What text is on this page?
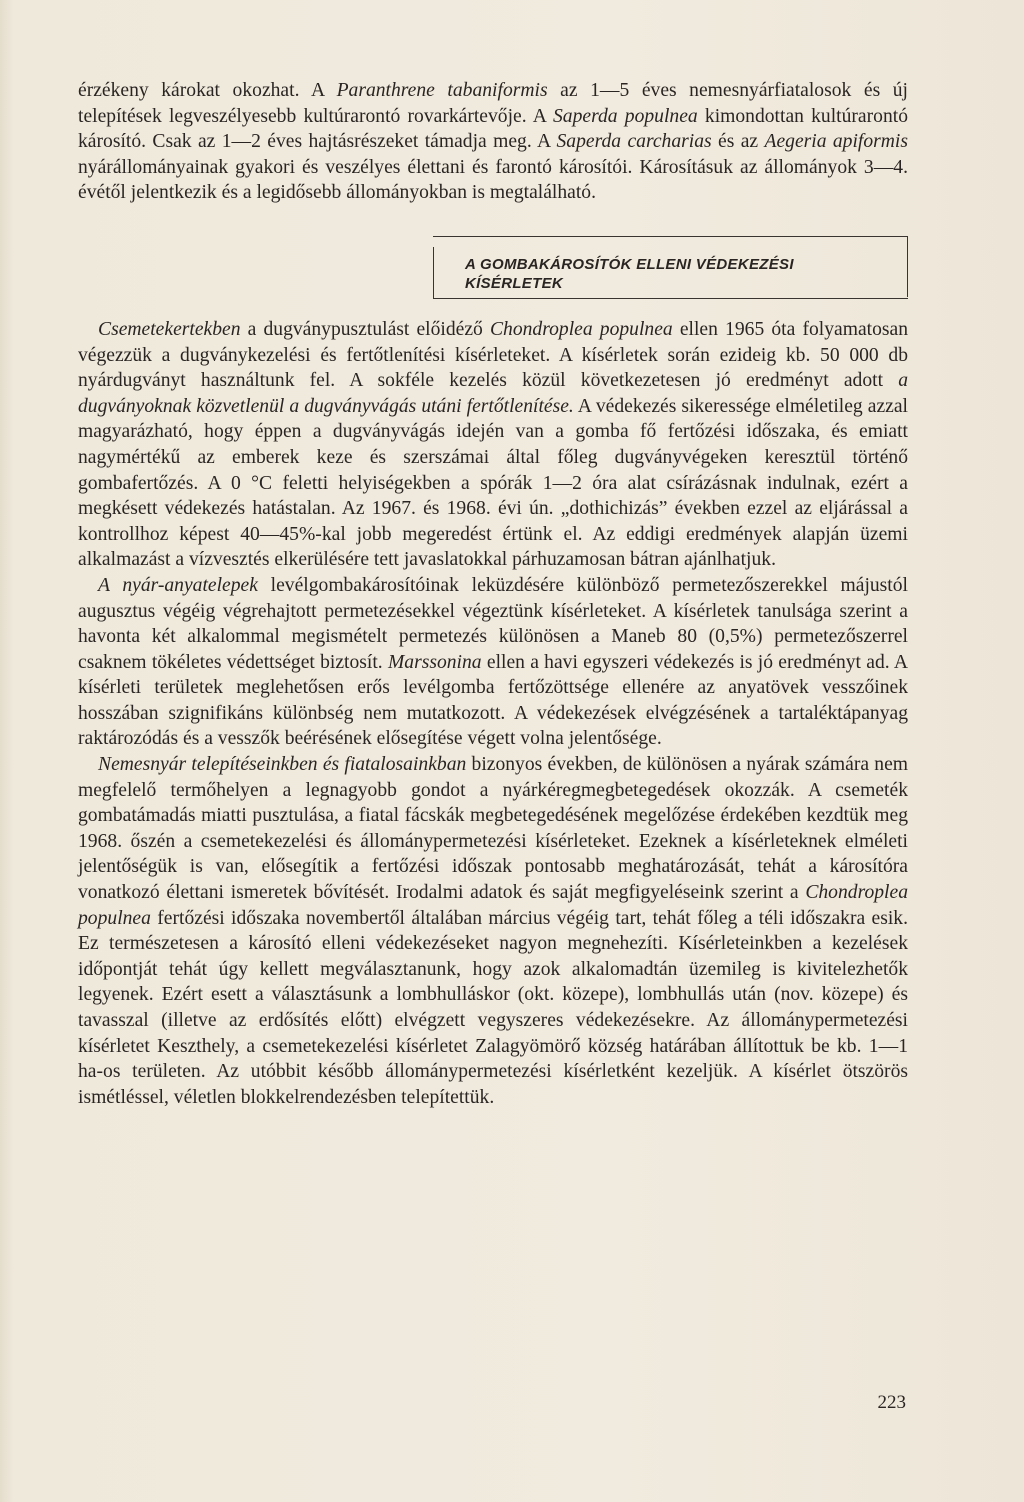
érzékeny károkat okozhat. A Paranthrene tabaniformis az 1—5 éves nemesnyárfiatalosok és új telepítések legveszélyesebb kultúrarontó rovarkártevője. A Saperda populnea kimondottan kultúrarontó károsító. Csak az 1—2 éves hajtásrészeket támadja meg. A Saperda carcharias és az Aegeria apiformis nyárállományainak gyakori és veszélyes élettani és farontó károsítói. Károsításuk az állományok 3—4. évétől jelentkezik és a legidősebb állományokban is megtalálható.

A GOMBAKÁROSÍTÓK ELLENI VÉDEKEZÉSI
KÍSÉRLETEK

Csemetekertekben a dugványpusztulást előidéző Chondroplea populnea ellen 1965 óta folyamatosan végezzük a dugványkezelési és fertőtlenítési kísérleteket. A kísérletek során ezideig kb. 50 000 db nyárdugványt használtunk fel. A sokféle kezelés közül következetesen jó eredményt adott a dugványoknak közvetlenül a dugványvágás utáni fertőtlenítése. A védekezés sikeressége elméletileg azzal magyarázható, hogy éppen a dugványvágás idején van a gomba fő fertőzési időszaka, és emiatt nagymértékű az emberek keze és szerszámai által főleg dugványvégeken keresztül történő gombafertőzés. A 0 °C feletti helyiségekben a spórák 1—2 óra alat csírázásnak indulnak, ezért a megkésett védekezés hatástalan. Az 1967. és 1968. évi ún. „dothichizás” években ezzel az eljárással a kontrollhoz képest 40—45%-kal jobb megeredést értünk el. Az eddigi eredmények alapján üzemi alkalmazást a vízvesztés elkerülésére tett javaslatokkal párhuzamosan bátran ajánlhatjuk.

A nyár-anyatelepek levélgombakárosítóinak leküzdésére különböző permetezőszerekkel májustól augusztus végéig végrehajtott permetezésekkel végeztünk kísérleteket. A kísérletek tanulsága szerint a havonta két alkalommal megismételt permetezés különösen a Maneb 80 (0,5%) permetezőszerrel csaknem tökéletes védettséget biztosít. Marssonina ellen a havi egyszeri védekezés is jó eredményt ad. A kísérleti területek meglehetősen erős levélgomba fertőzöttsége ellenére az anyatövek vesszőinek hosszában szignifikáns különbség nem mutatkozott. A védekezések elvégzésének a tartaléktápanyag raktározódás és a vesszők beérésének elősegítése végett volna jelentősége.

Nemesnyár telepítéseinkben és fiatalosainkban bizonyos években, de különösen a nyárak számára nem megfelelő termőhelyen a legnagyobb gondot a nyárkéregmegbetegedések okozzák. A csemeték gombatámadás miatti pusztulása, a fiatal fácskák megbetegedésének megelőzése érdekében kezdtük meg 1968. őszén a csemetekezelési és állománypermetezési kísérleteket. Ezeknek a kísérleteknek elméleti jelentőségük is van, elősegítik a fertőzési időszak pontosabb meghatározását, tehát a károsítóra vonatkozó élettani ismeretek bővítését. Irodalmi adatok és saját megfigyeléseink szerint a Chondroplea populnea fertőzési időszaka novembertől általában március végéig tart, tehát főleg a téli időszakra esik. Ez természetesen a károsító elleni védekezéseket nagyon megnehezíti. Kísérleteinkben a kezelések időpontját tehát úgy kellett megválasztanunk, hogy azok alkalomadtán üzemileg is kivitelezhetők legyenek. Ezért esett a választásunk a lombhulláskor (okt. közepe), lombhullás után (nov. közepe) és tavasszal (illetve az erdősítés előtt) elvégzett vegyszeres védekezésekre. Az állománypermetezési kísérletet Keszthely, a csemetekezelési kísérletet Zalagyömörő község határában állítottuk be kb. 1—1 ha-os területen. Az utóbbit később állománypermetezési kísérletként kezeljük. A kísérlet ötszörös ismétléssel, véletlen blokkelrendezésben telepítettük.

223
